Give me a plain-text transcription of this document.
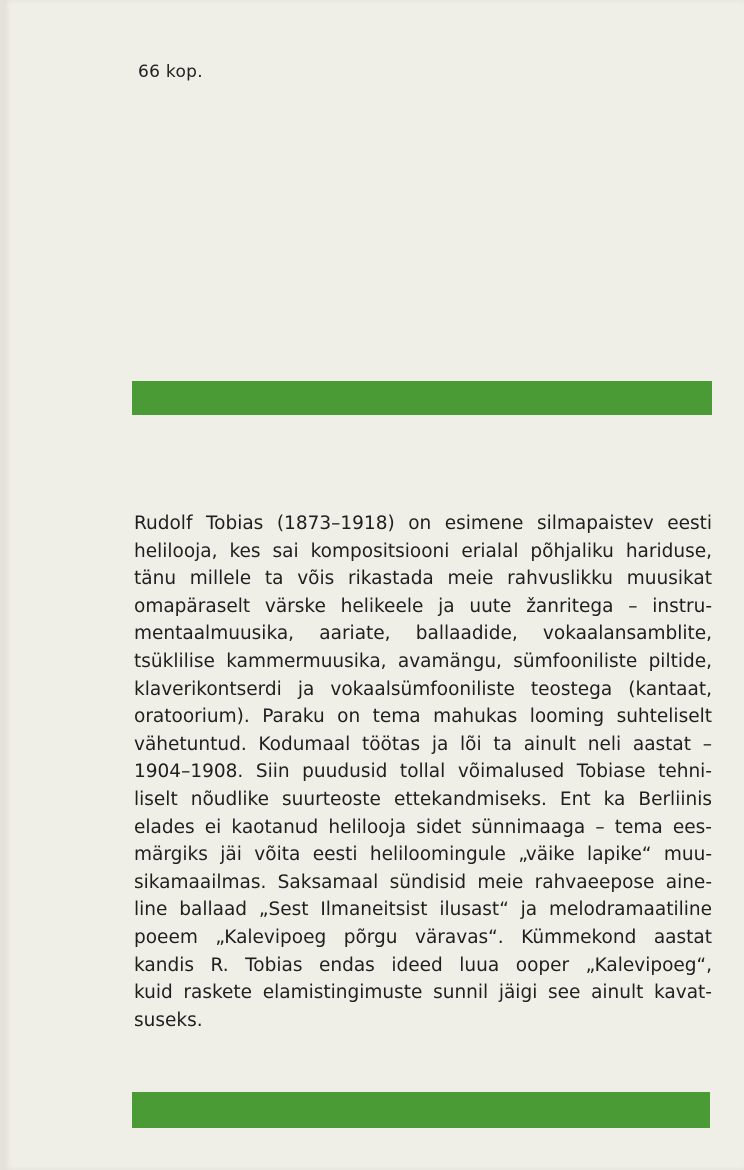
66 kop.
Rudolf Tobias (1873–1918) on esimene silmapaistev eesti
helilooja, kes sai kompositsiooni erialal põhjaliku hariduse,
tänu millele ta võis rikastada meie rahvuslikku muusikat
omapäraselt värske helikeele ja uute žanritega – instru-
mentaalmuusika, aariate, ballaadide, vokaalansamblite,
tsüklilise kammermuusika, avamängu, sümfooniliste piltide,
klaverikontserdi ja vokaalsümfooniliste teostega (kantaat,
oratoorium). Paraku on tema mahukas looming suhteliselt
vähetuntud. Kodumaal töötas ja lõi ta ainult neli aastat –
1904–1908. Siin puudusid tollal võimalused Tobiase tehni-
liselt nõudlike suurteoste ettekandmiseks. Ent ka Berliinis
elades ei kaotanud helilooja sidet sünnimaaga – tema ees-
märgiks jäi võita eesti heliloomingule „väike lapike“ muu-
sikamaailmas. Saksamaal sündisid meie rahvaeepose aine-
line ballaad „Sest Ilmaneitsist ilusast“ ja melodramaatiline
poeem „Kalevipoeg põrgu väravas“. Kümmekond aastat
kandis R. Tobias endas ideed luua ooper „Kalevipoeg“,
kuid raskete elamistingimuste sunnil jäigi see ainult kavat-
suseks.
